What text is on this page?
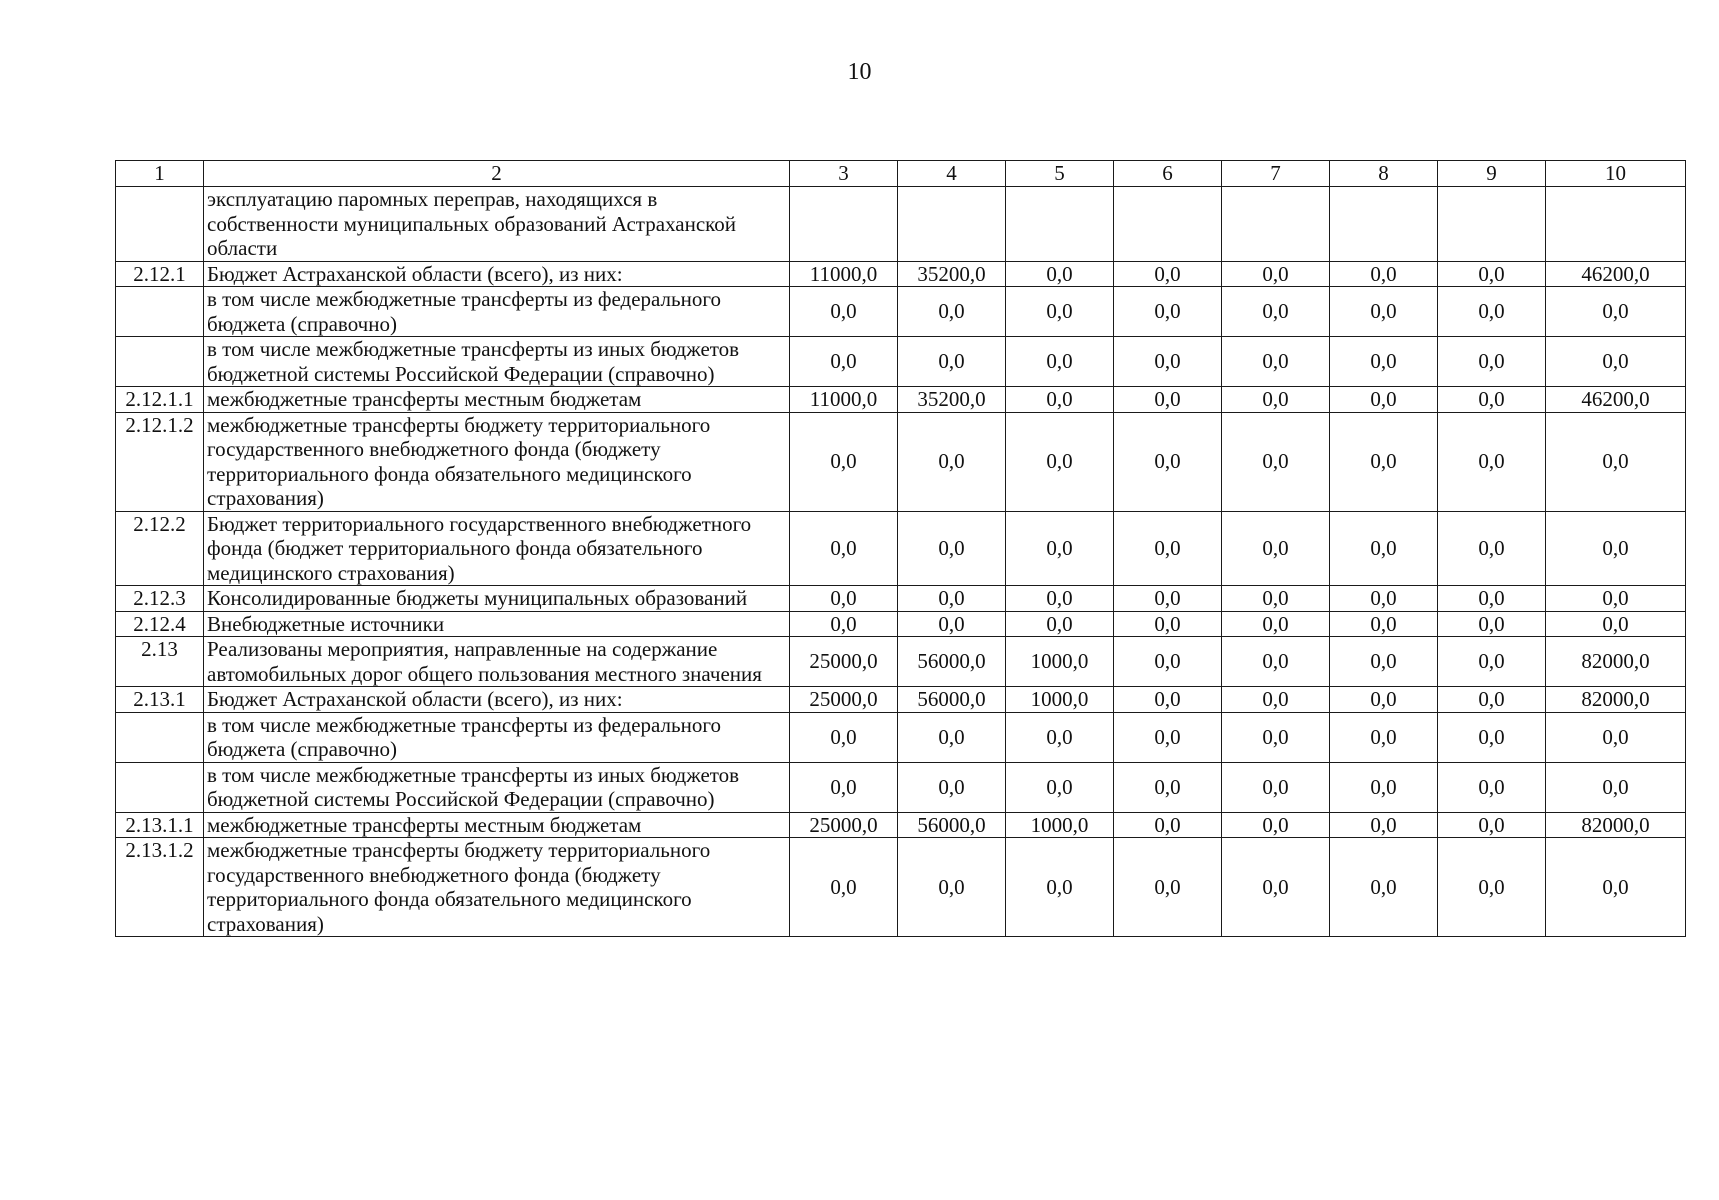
10
1	2	3	4	5	6	7	8	9	10
	эксплуатацию паромных переправ, находящихся в собственности муниципальных образований Астраханской области								
2.12.1	Бюджет Астраханской области (всего), из них:	11000,0	35200,0	0,0	0,0	0,0	0,0	0,0	46200,0
	в том числе межбюджетные трансферты из федерального бюджета (справочно)	0,0	0,0	0,0	0,0	0,0	0,0	0,0	0,0
	в том числе межбюджетные трансферты из иных бюджетов бюджетной системы Российской Федерации (справочно)	0,0	0,0	0,0	0,0	0,0	0,0	0,0	0,0
2.12.1.1	межбюджетные трансферты местным бюджетам	11000,0	35200,0	0,0	0,0	0,0	0,0	0,0	46200,0
2.12.1.2	межбюджетные трансферты бюджету территориального государственного внебюджетного фонда (бюджету территориального фонда обязательного медицинского страхования)	0,0	0,0	0,0	0,0	0,0	0,0	0,0	0,0
2.12.2	Бюджет территориального государственного внебюджетного фонда (бюджет территориального фонда обязательного медицинского страхования)	0,0	0,0	0,0	0,0	0,0	0,0	0,0	0,0
2.12.3	Консолидированные бюджеты муниципальных образований	0,0	0,0	0,0	0,0	0,0	0,0	0,0	0,0
2.12.4	Внебюджетные источники	0,0	0,0	0,0	0,0	0,0	0,0	0,0	0,0
2.13	Реализованы мероприятия, направленные на содержание автомобильных дорог общего пользования местного значения	25000,0	56000,0	1000,0	0,0	0,0	0,0	0,0	82000,0
2.13.1	Бюджет Астраханской области (всего), из них:	25000,0	56000,0	1000,0	0,0	0,0	0,0	0,0	82000,0
	в том числе межбюджетные трансферты из федерального бюджета (справочно)	0,0	0,0	0,0	0,0	0,0	0,0	0,0	0,0
	в том числе межбюджетные трансферты из иных бюджетов бюджетной системы Российской Федерации (справочно)	0,0	0,0	0,0	0,0	0,0	0,0	0,0	0,0
2.13.1.1	межбюджетные трансферты местным бюджетам	25000,0	56000,0	1000,0	0,0	0,0	0,0	0,0	82000,0
2.13.1.2	межбюджетные трансферты бюджету территориального государственного внебюджетного фонда (бюджету территориального фонда обязательного медицинского страхования)	0,0	0,0	0,0	0,0	0,0	0,0	0,0	0,0
